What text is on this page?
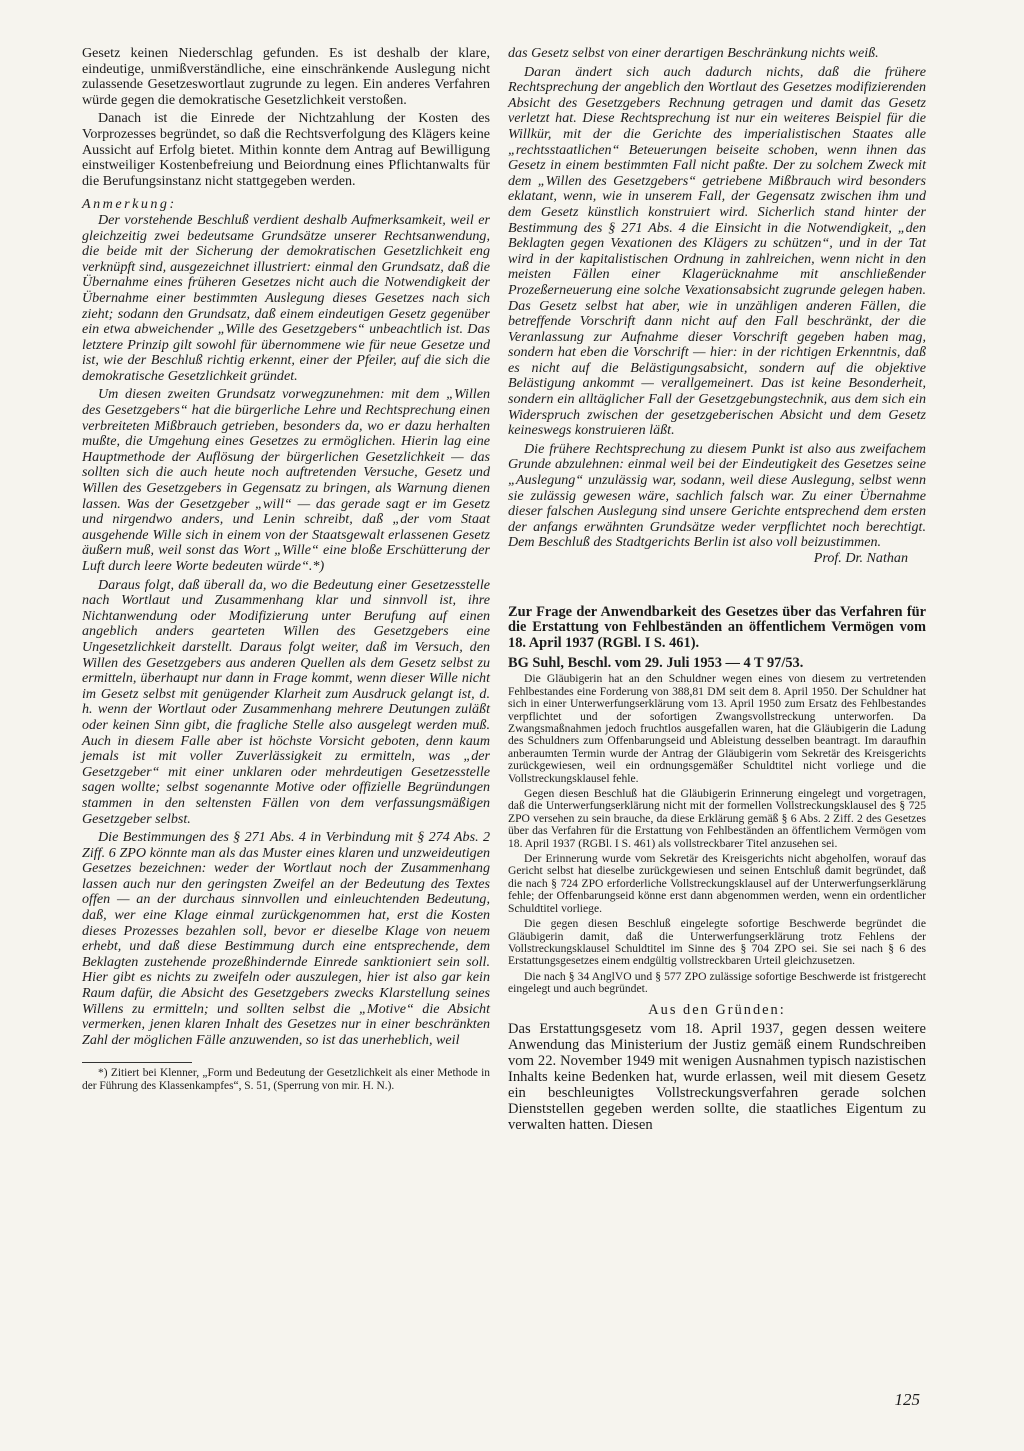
Gesetz keinen Niederschlag gefunden. Es ist deshalb der klare, eindeutige, unmißverständliche, eine einschränkende Auslegung nicht zulassende Gesetzeswortlaut zugrunde zu legen. Ein anderes Verfahren würde gegen die demokratische Gesetzlichkeit verstoßen.

Danach ist die Einrede der Nichtzahlung der Kosten des Vorprozesses begründet, so daß die Rechtsverfolgung des Klägers keine Aussicht auf Erfolg bietet. Mithin konnte dem Antrag auf Bewilligung einstweiliger Kostenbefreiung und Beiordnung eines Pflichtanwalts für die Berufungsinstanz nicht stattgegeben werden.

Anmerkung:

Der vorstehende Beschluß verdient deshalb Aufmerksamkeit, weil er gleichzeitig zwei bedeutsame Grundsätze unserer Rechtsanwendung, die beide mit der Sicherung der demokratischen Gesetzlichkeit eng verknüpft sind, ausgezeichnet illustriert: einmal den Grundsatz, daß die Übernahme eines früheren Gesetzes nicht auch die Notwendigkeit der Übernahme einer bestimmten Auslegung dieses Gesetzes nach sich zieht; sodann den Grundsatz, daß einem eindeutigen Gesetz gegenüber ein etwa abweichender „Wille des Gesetzgebers“ unbeachtlich ist. Das letztere Prinzip gilt sowohl für übernommene wie für neue Gesetze und ist, wie der Beschluß richtig erkennt, einer der Pfeiler, auf die sich die demokratische Gesetzlichkeit gründet.

Um diesen zweiten Grundsatz vorwegzunehmen: mit dem „Willen des Gesetzgebers“ hat die bürgerliche Lehre und Rechtsprechung einen verbreiteten Mißbrauch getrieben, besonders da, wo er dazu herhalten mußte, die Umgehung eines Gesetzes zu ermöglichen. Hierin lag eine Hauptmethode der Auflösung der bürgerlichen Gesetzlichkeit — das sollten sich die auch heute noch auftretenden Versuche, Gesetz und Willen des Gesetzgebers in Gegensatz zu bringen, als Warnung dienen lassen. Was der Gesetzgeber „will“ — das gerade sagt er im Gesetz und nirgendwo anders, und Lenin schreibt, daß „der vom Staat ausgehende Wille sich in einem von der Staatsgewalt erlassenen Gesetz äußern muß, weil sonst das Wort „Wille“ eine bloße Erschütterung der Luft durch leere Worte bedeuten würde“.*)

Daraus folgt, daß überall da, wo die Bedeutung einer Gesetzesstelle nach Wortlaut und Zusammenhang klar und sinnvoll ist, ihre Nichtanwendung oder Modifizierung unter Berufung auf einen angeblich anders gearteten Willen des Gesetzgebers eine Ungesetzlichkeit darstellt. Daraus folgt weiter, daß im Versuch, den Willen des Gesetzgebers aus anderen Quellen als dem Gesetz selbst zu ermitteln, überhaupt nur dann in Frage kommt, wenn dieser Wille nicht im Gesetz selbst mit genügender Klarheit zum Ausdruck gelangt ist, d. h. wenn der Wortlaut oder Zusammenhang mehrere Deutungen zuläßt oder keinen Sinn gibt, die fragliche Stelle also ausgelegt werden muß. Auch in diesem Falle aber ist höchste Vorsicht geboten, denn kaum jemals ist mit voller Zuverlässigkeit zu ermitteln, was „der Gesetzgeber“ mit einer unklaren oder mehrdeutigen Gesetzesstelle sagen wollte; selbst sogenannte Motive oder offizielle Begründungen stammen in den seltensten Fällen von dem verfassungsmäßigen Gesetzgeber selbst.

Die Bestimmungen des § 271 Abs. 4 in Verbindung mit § 274 Abs. 2 Ziff. 6 ZPO könnte man als das Muster eines klaren und unzweideutigen Gesetzes bezeichnen: weder der Wortlaut noch der Zusammenhang lassen auch nur den geringsten Zweifel an der Bedeutung des Textes offen — an der durchaus sinnvollen und einleuchtenden Bedeutung, daß, wer eine Klage einmal zurückgenommen hat, erst die Kosten dieses Prozesses bezahlen soll, bevor er dieselbe Klage von neuem erhebt, und daß diese Bestimmung durch eine entsprechende, dem Beklagten zustehende prozeßhindernde Einrede sanktioniert sein soll. Hier gibt es nichts zu zweifeln oder auszulegen, hier ist also gar kein Raum dafür, die Absicht des Gesetzgebers zwecks Klarstellung seines Willens zu ermitteln; und sollten selbst die „Motive“ die Absicht vermerken, jenen klaren Inhalt des Gesetzes nur in einer beschränkten Zahl der möglichen Fälle anzuwenden, so ist das unerheblich, weil

*) Zitiert bei Klenner, „Form und Bedeutung der Gesetzlichkeit als einer Methode in der Führung des Klassenkampfes“, S. 51, (Sperrung von mir. H. N.).

das Gesetz selbst von einer derartigen Beschränkung nichts weiß.

Daran ändert sich auch dadurch nichts, daß die frühere Rechtsprechung der angeblich den Wortlaut des Gesetzes modifizierenden Absicht des Gesetzgebers Rechnung getragen und damit das Gesetz verletzt hat. Diese Rechtsprechung ist nur ein weiteres Beispiel für die Willkür, mit der die Gerichte des imperialistischen Staates alle „rechtsstaatlichen“ Beteuerungen beiseite schoben, wenn ihnen das Gesetz in einem bestimmten Fall nicht paßte. Der zu solchem Zweck mit dem „Willen des Gesetzgebers“ getriebene Mißbrauch wird besonders eklatant, wenn, wie in unserem Fall, der Gegensatz zwischen ihm und dem Gesetz künstlich konstruiert wird. Sicherlich stand hinter der Bestimmung des § 271 Abs. 4 die Einsicht in die Notwendigkeit, „den Beklagten gegen Vexationen des Klägers zu schützen“, und in der Tat wird in der kapitalistischen Ordnung in zahlreichen, wenn nicht in den meisten Fällen einer Klagerücknahme mit anschließender Prozeßerneuerung eine solche Vexationsabsicht zugrunde gelegen haben. Das Gesetz selbst hat aber, wie in unzähligen anderen Fällen, die betreffende Vorschrift dann nicht auf den Fall beschränkt, der die Veranlassung zur Aufnahme dieser Vorschrift gegeben haben mag, sondern hat eben die Vorschrift — hier: in der richtigen Erkenntnis, daß es nicht auf die Belästigungsabsicht, sondern auf die objektive Belästigung ankommt — verallgemeinert. Das ist keine Besonderheit, sondern ein alltäglicher Fall der Gesetzgebungstechnik, aus dem sich ein Widerspruch zwischen der gesetzgeberischen Absicht und dem Gesetz keineswegs konstruieren läßt.

Die frühere Rechtsprechung zu diesem Punkt ist also aus zweifachem Grunde abzulehnen: einmal weil bei der Eindeutigkeit des Gesetzes seine „Auslegung“ unzulässig war, sodann, weil diese Auslegung, selbst wenn sie zulässig gewesen wäre, sachlich falsch war. Zu einer Übernahme dieser falschen Auslegung sind unsere Gerichte entsprechend dem ersten der anfangs erwähnten Grundsätze weder verpflichtet noch berechtigt. Dem Beschluß des Stadtgerichts Berlin ist also voll beizustimmen.

Prof. Dr. Nathan

Zur Frage der Anwendbarkeit des Gesetzes über das Verfahren für die Erstattung von Fehlbeständen an öffentlichem Vermögen vom 18. April 1937 (RGBl. I S. 461).

BG Suhl, Beschl. vom 29. Juli 1953 — 4 T 97/53.

Die Gläubigerin hat an den Schuldner wegen eines von diesem zu vertretenden Fehlbestandes eine Forderung von 388,81 DM seit dem 8. April 1950. Der Schuldner hat sich in einer Unterwerfungserklärung vom 13. April 1950 zum Ersatz des Fehlbestandes verpflichtet und der sofortigen Zwangsvollstreckung unterworfen. Da Zwangsmaßnahmen jedoch fruchtlos ausgefallen waren, hat die Gläubigerin die Ladung des Schuldners zum Offenbarungseid und Ableistung desselben beantragt. Im daraufhin anberaumten Termin wurde der Antrag der Gläubigerin vom Sekretär des Kreisgerichts zurückgewiesen, weil ein ordnungsgemäßer Schuldtitel nicht vorliege und die Vollstreckungsklausel fehle.

Gegen diesen Beschluß hat die Gläubigerin Erinnerung eingelegt und vorgetragen, daß die Unterwerfungserklärung nicht mit der formellen Vollstreckungsklausel des § 725 ZPO versehen zu sein brauche, da diese Erklärung gemäß § 6 Abs. 2 Ziff. 2 des Gesetzes über das Verfahren für die Erstattung von Fehlbeständen an öffentlichem Vermögen vom 18. April 1937 (RGBl. I S. 461) als vollstreckbarer Titel anzusehen sei.

Der Erinnerung wurde vom Sekretär des Kreisgerichts nicht abgeholfen, worauf das Gericht selbst hat dieselbe zurückgewiesen und seinen Entschluß damit begründet, daß die nach § 724 ZPO erforderliche Vollstreckungsklausel auf der Unterwerfungserklärung fehle; der Offenbarungseid könne erst dann abgenommen werden, wenn ein ordentlicher Schuldtitel vorliege.

Die gegen diesen Beschluß eingelegte sofortige Beschwerde begründet die Gläubigerin damit, daß die Unterwerfungserklärung trotz Fehlens der Vollstreckungsklausel Schuldtitel im Sinne des § 704 ZPO sei. Sie sei nach § 6 des Erstattungsgesetzes einem endgültig vollstreckbaren Urteil gleichzusetzen.

Die nach § 34 AnglVO und § 577 ZPO zulässige sofortige Beschwerde ist fristgerecht eingelegt und auch begründet.

Aus den Gründen:

Das Erstattungsgesetz vom 18. April 1937, gegen dessen weitere Anwendung das Ministerium der Justiz gemäß einem Rundschreiben vom 22. November 1949 mit wenigen Ausnahmen typisch nazistischen Inhalts keine Bedenken hat, wurde erlassen, weil mit diesem Gesetz ein beschleunigtes Vollstreckungsverfahren gerade solchen Dienststellen gegeben werden sollte, die staatliches Eigentum zu verwalten hatten. Diesen

125
